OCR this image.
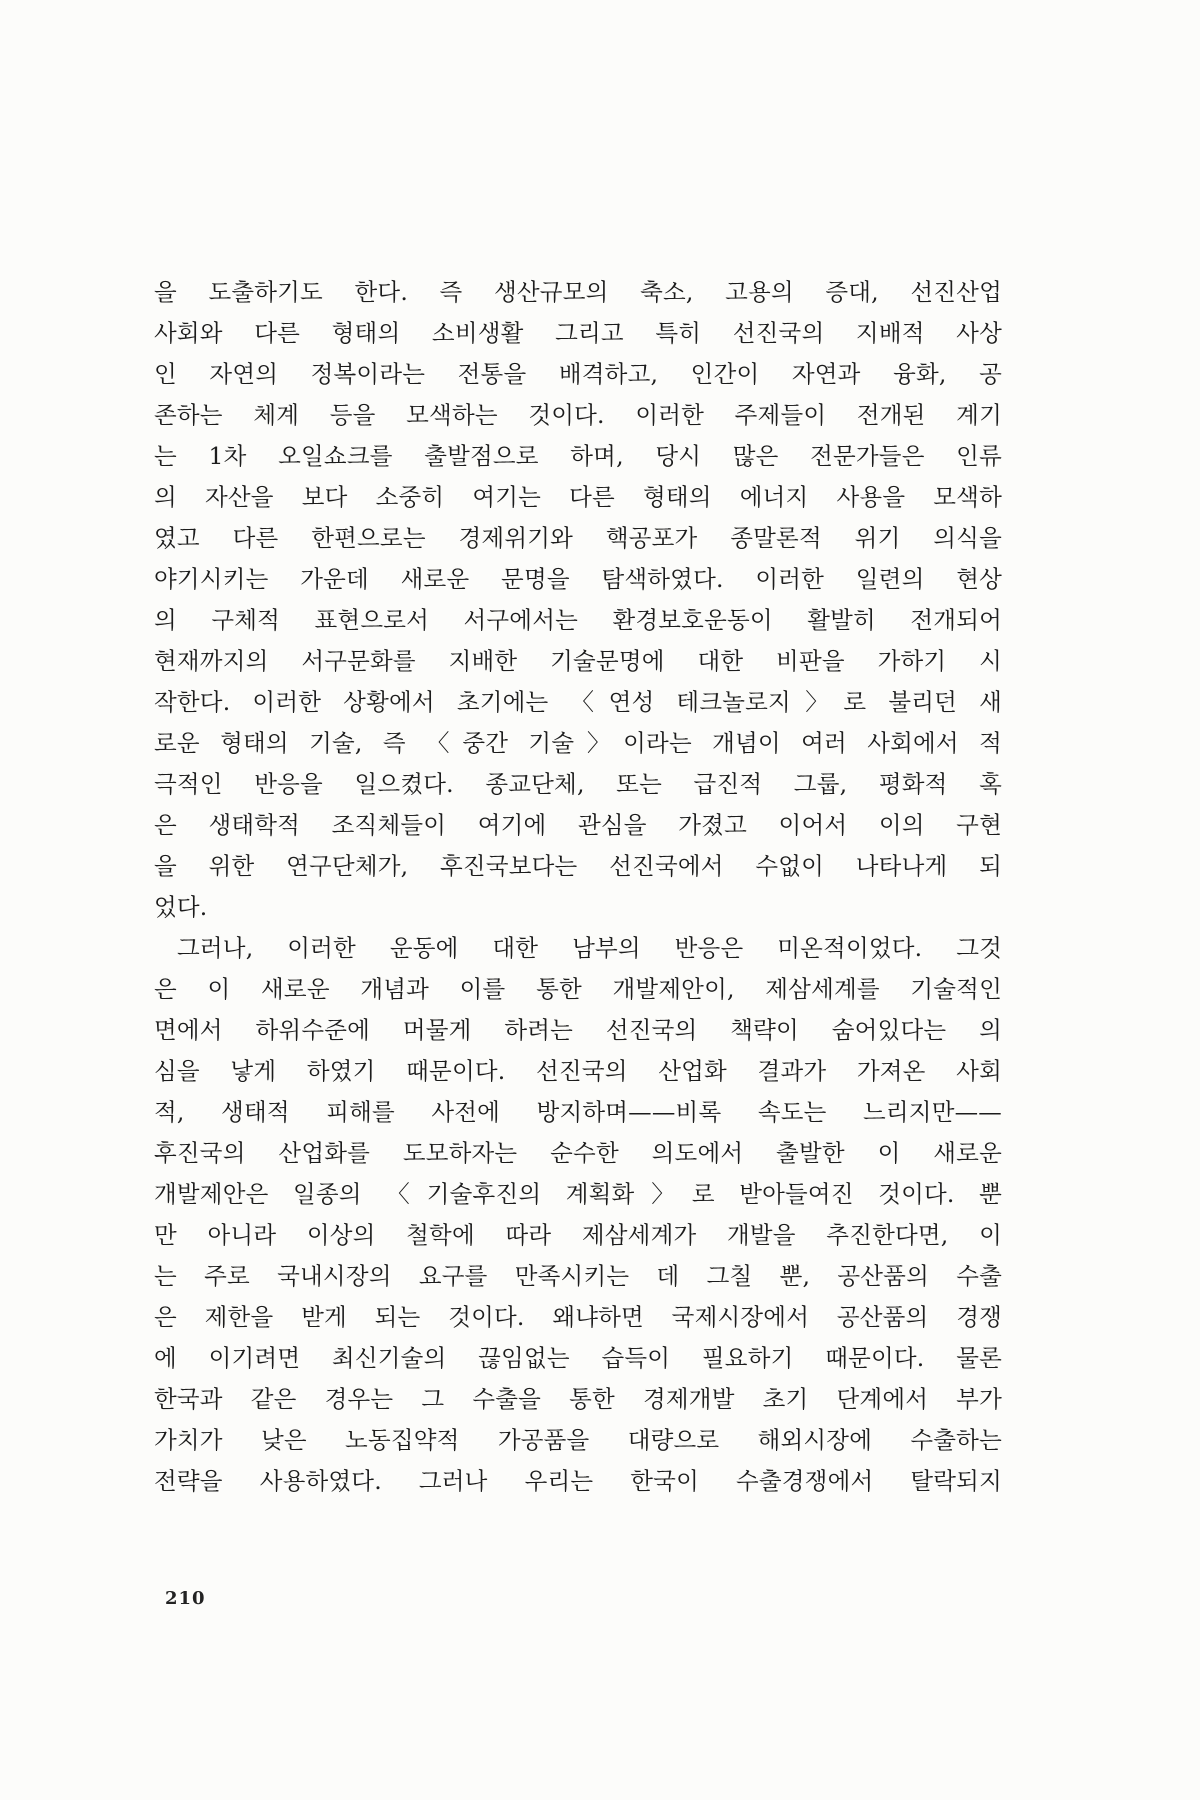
을 도출하기도 한다. 즉 생산규모의 축소, 고용의 증대, 선진산업
사회와 다른 형태의 소비생활 그리고 특히 선진국의 지배적 사상
인 자연의 정복이라는 전통을 배격하고, 인간이 자연과 융화, 공
존하는 체계 등을 모색하는 것이다. 이러한 주제들이 전개된 계기
는 1차 오일쇼크를 출발점으로 하며, 당시 많은 전문가들은 인류
의 자산을 보다 소중히 여기는 다른 형태의 에너지 사용을 모색하
였고 다른 한편으로는 경제위기와 핵공포가 종말론적 위기 의식을
야기시키는 가운데 새로운 문명을 탐색하였다. 이러한 일련의 현상
의 구체적 표현으로서 서구에서는 환경보호운동이 활발히 전개되어
현재까지의 서구문화를 지배한 기술문명에 대한 비판을 가하기 시
작한다. 이러한 상황에서 초기에는 〈연성 테크놀로지〉로 불리던 새
로운 형태의 기술, 즉 〈중간 기술〉이라는 개념이 여러 사회에서 적
극적인 반응을 일으켰다. 종교단체, 또는 급진적 그룹, 평화적 혹
은 생태학적 조직체들이 여기에 관심을 가졌고 이어서 이의 구현
을 위한 연구단체가, 후진국보다는 선진국에서 수없이 나타나게 되
었다.
그러나, 이러한 운동에 대한 남부의 반응은 미온적이었다. 그것
은 이 새로운 개념과 이를 통한 개발제안이, 제삼세계를 기술적인
면에서 하위수준에 머물게 하려는 선진국의 책략이 숨어있다는 의
심을 낳게 하였기 때문이다. 선진국의 산업화 결과가 가져온 사회
적, 생태적 피해를 사전에 방지하며——비록 속도는 느리지만——
후진국의 산업화를 도모하자는 순수한 의도에서 출발한 이 새로운
개발제안은 일종의 〈기술후진의 계획화〉로 받아들여진 것이다. 뿐
만 아니라 이상의 철학에 따라 제삼세계가 개발을 추진한다면, 이
는 주로 국내시장의 요구를 만족시키는 데 그칠 뿐, 공산품의 수출
은 제한을 받게 되는 것이다. 왜냐하면 국제시장에서 공산품의 경쟁
에 이기려면 최신기술의 끊임없는 습득이 필요하기 때문이다. 물론
한국과 같은 경우는 그 수출을 통한 경제개발 초기 단계에서 부가
가치가 낮은 노동집약적 가공품을 대량으로 해외시장에 수출하는
전략을 사용하였다. 그러나 우리는 한국이 수출경쟁에서 탈락되지
210
